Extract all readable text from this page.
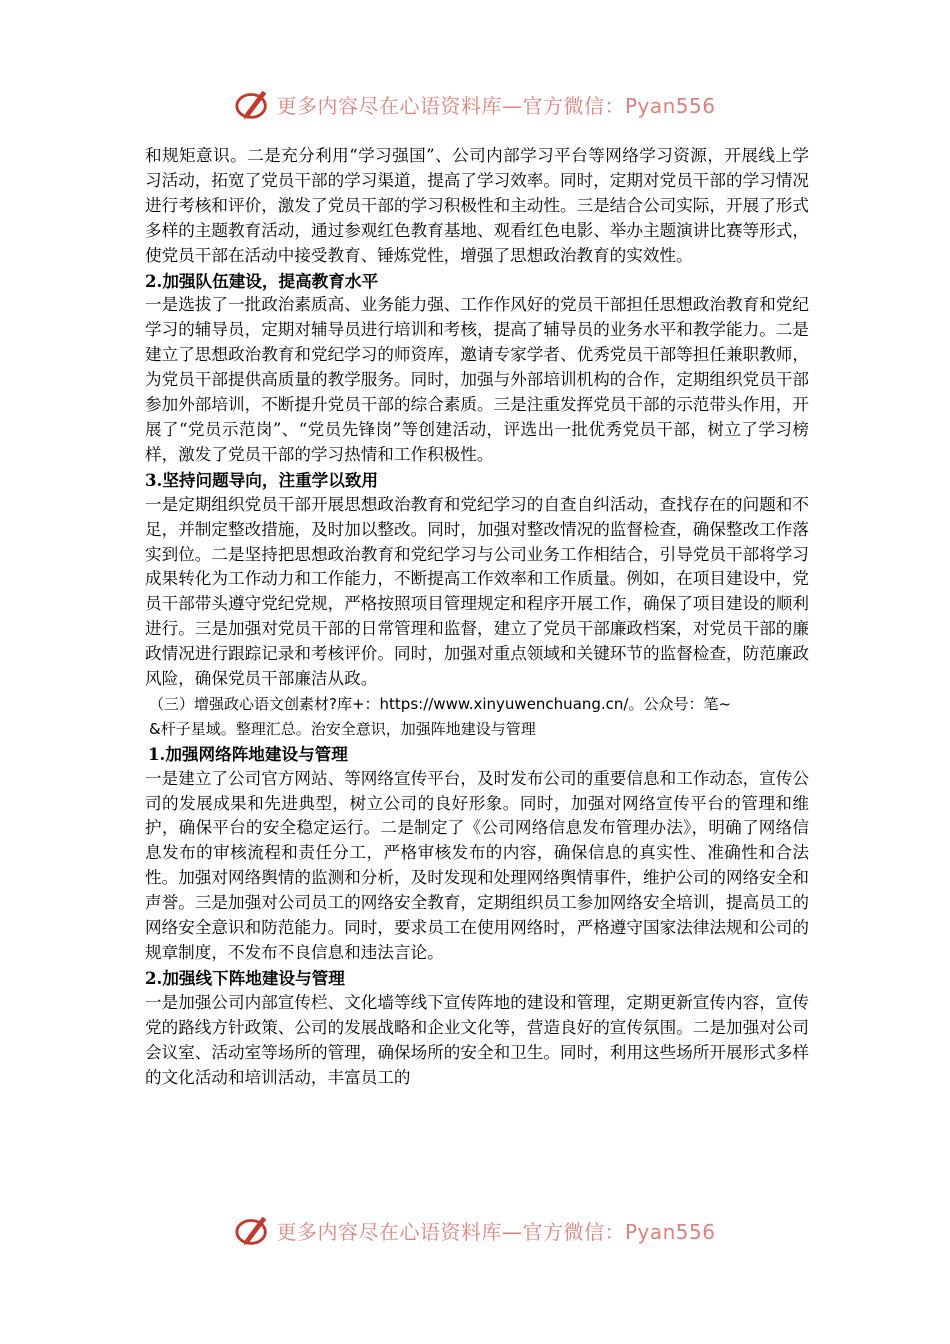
更多内容尽在心语资料库—官方微信：Pyan556

和规矩意识。二是充分利用“学习强国”、公司内部学习平台等网络学习资源，开展线上学习活动，拓宽了党员干部的学习渠道，提高了学习效率。同时，定期对党员干部的学习情况进行考核和评价，激发了党员干部的学习积极性和主动性。三是结合公司实际，开展了形式多样的主题教育活动，通过参观红色教育基地、观看红色电影、举办主题演讲比赛等形式，使党员干部在活动中接受教育、锤炼党性，增强了思想政治教育的实效性。

2.加强队伍建设，提高教育水平

一是选拔了一批政治素质高、业务能力强、工作作风好的党员干部担任思想政治教育和党纪学习的辅导员，定期对辅导员进行培训和考核，提高了辅导员的业务水平和教学能力。二是建立了思想政治教育和党纪学习的师资库，邀请专家学者、优秀党员干部等担任兼职教师，为党员干部提供高质量的教学服务。同时，加强与外部培训机构的合作，定期组织党员干部参加外部培训，不断提升党员干部的综合素质。三是注重发挥党员干部的示范带头作用，开展了“党员示范岗”、“党员先锋岗”等创建活动，评选出一批优秀党员干部，树立了学习榜样，激发了党员干部的学习热情和工作积极性。

3.坚持问题导向，注重学以致用

一是定期组织党员干部开展思想政治教育和党纪学习的自查自纠活动，查找存在的问题和不足，并制定整改措施，及时加以整改。同时，加强对整改情况的监督检查，确保整改工作落实到位。二是坚持把思想政治教育和党纪学习与公司业务工作相结合，引导党员干部将学习成果转化为工作动力和工作能力，不断提高工作效率和工作质量。例如，在项目建设中，党员干部带头遵守党纪党规，严格按照项目管理规定和程序开展工作，确保了项目建设的顺利进行。三是加强对党员干部的日常管理和监督，建立了党员干部廉政档案，对党员干部的廉政情况进行跟踪记录和考核评价。同时，加强对重点领域和关键环节的监督检查，防范廉政风险，确保党员干部廉洁从政。

（三）增强政心语文创素材?库+：https://www.xinyuwenchuang.cn/。公众号：笔~

&杆子星域。整理汇总。治安全意识，加强阵地建设与管理

1.加强网络阵地建设与管理

一是建立了公司官方网站、等网络宣传平台，及时发布公司的重要信息和工作动态，宣传公司的发展成果和先进典型，树立公司的良好形象。同时，加强对网络宣传平台的管理和维护，确保平台的安全稳定运行。二是制定了《公司网络信息发布管理办法》，明确了网络信息发布的审核流程和责任分工，严格审核发布的内容，确保信息的真实性、准确性和合法性。加强对网络舆情的监测和分析，及时发现和处理网络舆情事件，维护公司的网络安全和声誉。三是加强对公司员工的网络安全教育，定期组织员工参加网络安全培训，提高员工的网络安全意识和防范能力。同时，要求员工在使用网络时，严格遵守国家法律法规和公司的规章制度，不发布不良信息和违法言论。

2.加强线下阵地建设与管理

一是加强公司内部宣传栏、文化墙等线下宣传阵地的建设和管理，定期更新宣传内容，宣传党的路线方针政策、公司的发展战略和企业文化等，营造良好的宣传氛围。二是加强对公司会议室、活动室等场所的管理，确保场所的安全和卫生。同时，利用这些场所开展形式多样的文化活动和培训活动，丰富员工的

更多内容尽在心语资料库—官方微信：Pyan556
